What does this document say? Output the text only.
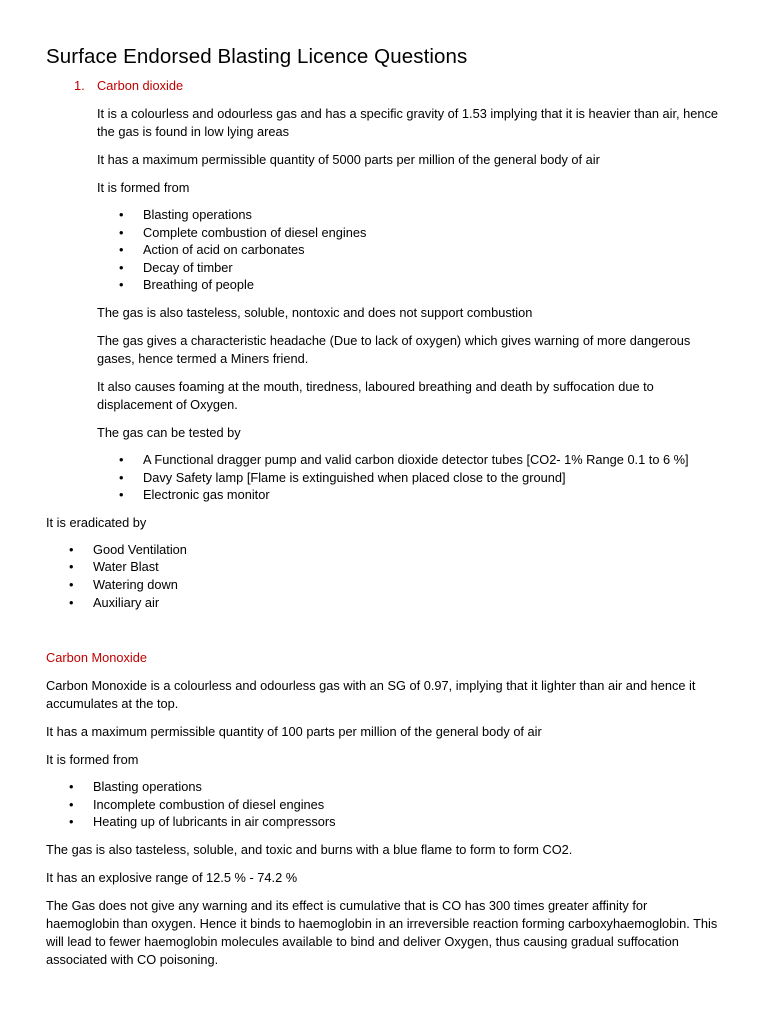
Surface Endorsed Blasting Licence Questions
1. Carbon dioxide

It is a colourless and odourless gas and has a specific gravity of 1.53 implying that it is heavier than air, hence the gas is found in low lying areas

It has a maximum permissible quantity of 5000 parts per million of the general body of air

It is formed from

• Blasting operations
• Complete combustion of diesel engines
• Action of acid on carbonates
• Decay of timber
• Breathing of people

The gas is also tasteless, soluble, nontoxic and does not support combustion

The gas gives a characteristic headache (Due to lack of oxygen) which gives warning of more dangerous gases, hence termed a Miners friend.

It also causes foaming at the mouth, tiredness, laboured breathing and death by suffocation due to displacement of Oxygen.

The gas can be tested by

• A Functional dragger pump and valid carbon dioxide detector tubes [CO2- 1% Range 0.1 to 6 %]
• Davy Safety lamp [Flame is extinguished when placed close to the ground]
• Electronic gas monitor

It is eradicated by

• Good Ventilation
• Water Blast
• Watering down
• Auxiliary air

Carbon Monoxide

Carbon Monoxide is a colourless and odourless gas with an SG of 0.97, implying that it lighter than air and hence it accumulates at the top.

It has a maximum permissible quantity of 100 parts per million of the general body of air

It is formed from

• Blasting operations
• Incomplete combustion of diesel engines
• Heating up of lubricants in air compressors

The gas is also tasteless, soluble, and toxic and burns with a blue flame to form to form CO2.

It has an explosive range of 12.5 % - 74.2 %

The Gas does not give any warning and its effect is cumulative that is CO has 300 times greater affinity for haemoglobin than oxygen. Hence it binds to haemoglobin in an irreversible reaction forming carboxyhaemoglobin. This will lead to fewer haemoglobin molecules available to bind and deliver Oxygen, thus causing gradual suffocation associated with CO poisoning.
